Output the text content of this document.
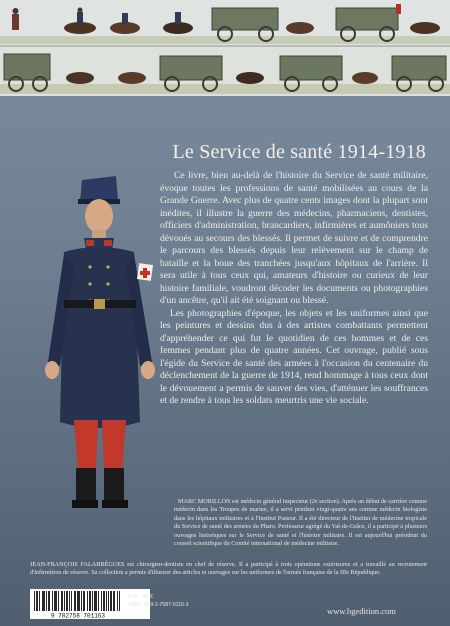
Le Service de santé 1914-1918

Ce livre, bien au-delà de l'histoire du Service de santé militaire, évoque toutes les professions de santé mobilisées au cours de la Grande Guerre. Avec plus de quatre cents images dont la plupart sont inédites, il illustre la guerre des médecins, pharmaciens, dentistes, officiers d'administration, brancardiers, infirmières et aumôniers tous dévoués au secours des blessés. Il permet de suivre et de comprendre le parcours des blessés depuis leur relèvement sur le champ de bataille et la boue des tranchées jusqu'aux hôpitaux de l'arrière. Il sera utile à tous ceux qui, amateurs d'histoire ou curieux de leur histoire familiale, voudront décoder les documents ou photographies d'un ancêtre, qu'il ait été soignant ou blessé.

Les photographies d'époque, les objets et les uniformes ainsi que les peintures et dessins dus à des artistes combattants permettent d'appréhender ce qui fut le quotidien de ces hommes et de ces femmes pendant plus de quatre années. Cet ouvrage, publié sous l'égide du Service de santé des armées à l'occasion du centenaire du déclenchement de la guerre de 1914, rend hommage à tous ceux dont le dévouement a permis de sauver des vies, d'atténuer les souffrances et de rendre à tous les soldats meurtris une vie sociale.

MARC MORILLON est médecin général inspecteur (2e section). Après un début de carrière comme médecin dans les Troupes de marine, il a servi pendant vingt-quatre ans comme médecin biologiste dans les hôpitaux militaires et à l'Institut Pasteur. Il a été directeur de l'Institut de médecine tropicale du Service de santé des armées du Pharo. Professeur agrégé du Val-de-Grâce, il a participé à plusieurs ouvrages historiques sur le Service de santé et l'histoire militaire. Il est aujourd'hui président du conseil scientifique du Comité international de médecine militaire.
JEAN-FRANÇOIS FALABRÈGUES est chirurgien-dentiste en chef de réserve. Il a participé à trois opérations extérieures et a travaillé au recrutement d'infirmières de réserve. Sa collection a permis d'illustrer des articles et ouvrages sur les uniformes de l'armée française de la IIIe République.
9 782758 701163
Prix : 35 €
ISBN : 978-2-7587-0116-3
www.bgedition.com
